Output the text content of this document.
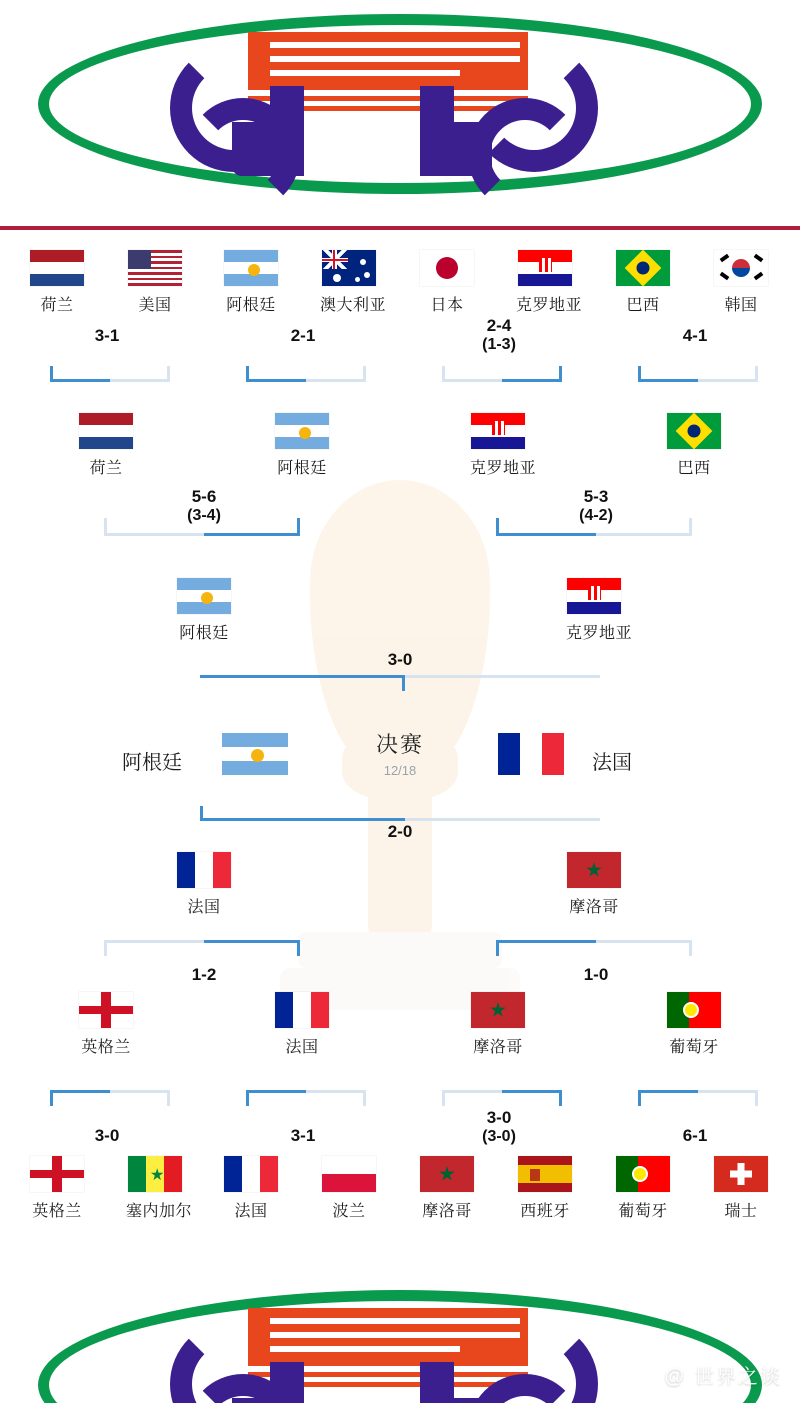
荷兰	美国	阿根廷	澳大利亚	日本	克罗地亚	巴西	韩国
3-1	2-1
2-4
(1-3)	4-1
荷兰	阿根廷	克罗地亚	巴西
5-6
(3-4)
5-3
(4-2)
阿根廷	克罗地亚
3-0
阿根廷
决赛
12/18	法国
2-0
法国	摩洛哥
1-2	1-0
英格兰	法国	摩洛哥	葡萄牙
3-0	3-1
3-0
(3-0)	6-1
英格兰	塞内加尔	法国	波兰	摩洛哥	西班牙	葡萄牙	瑞士
@ 世界之谈
